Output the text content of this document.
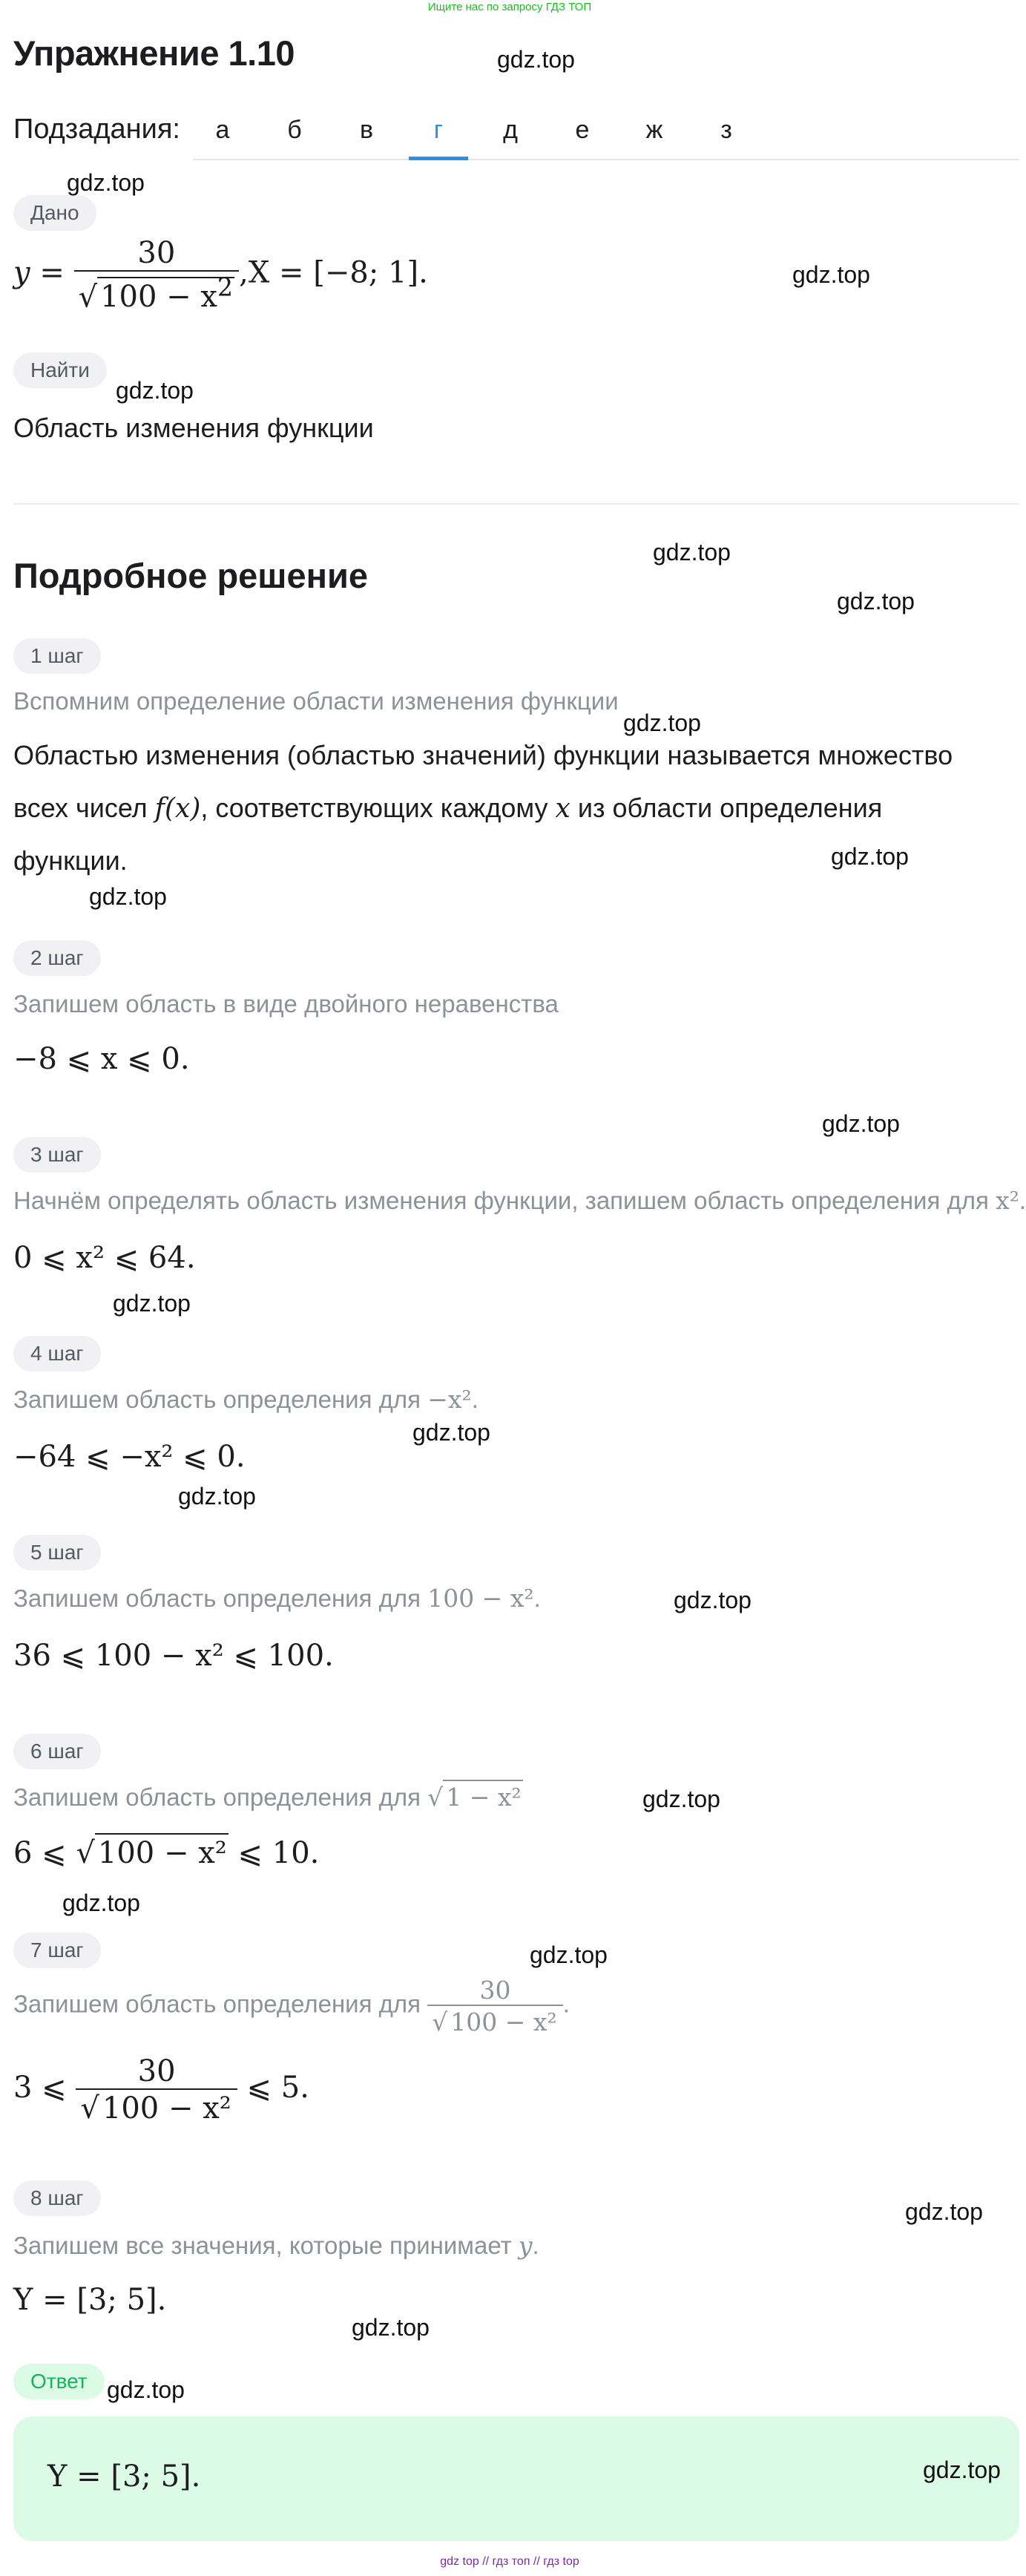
Ищите нас по запросу ГДЗ ТОП
Упражнение 1.10
Подзадания:	а	б	в	г	д	е	ж	з
Дано
$y = \frac{30}{√ 100 - x^2} ,X = [-8$; 1].
Найти
Область изменения функции
Подробное решение
1 шаг
Вспомним определение области изменения функции
Областью изменения (областью значений) функции называется множество
всех чисел f(x), соответствующих каждому x из области определения
функции.
2 шаг
Запишем область в виде двойного неравенства
−8 ⩽ x ⩽ 0.
3 шаг
Начнём определять область изменения функции, запишем область определения для x².
0 ⩽ x² ⩽ 64.
4 шаг
Запишем область определения для −x².
−64 ⩽ −x² ⩽ 0.
5 шаг
Запишем область определения для 100 − x².
36 ⩽ 100 − x² ⩽ 100.
6 шаг
Запишем область определения для √ 1 − x²
6 ⩽ √ 100 − x² ⩽ 10.
7 шаг
Запишем область определения для $\frac{30}{\text{√ 100 − x²}}$ .
3 ⩽ $\frac{30}{\text{√ 100 − x²}}$ ⩽ 5.
8 шаг
Запишем все значения, которые принимает y.
Y = [3; 5].
Ответ
Y = [3; 5].
gdz.top
gdz.top
gdz.top
gdz.top
gdz.top
gdz.top
gdz.top
gdz.top
gdz.top
gdz.top
gdz.top
gdz.top
gdz.top
gdz.top
gdz.top
gdz.top
gdz.top
gdz.top
gdz.top
gdz.top
gdz.top
gdz top // гдз топ // гдз top
